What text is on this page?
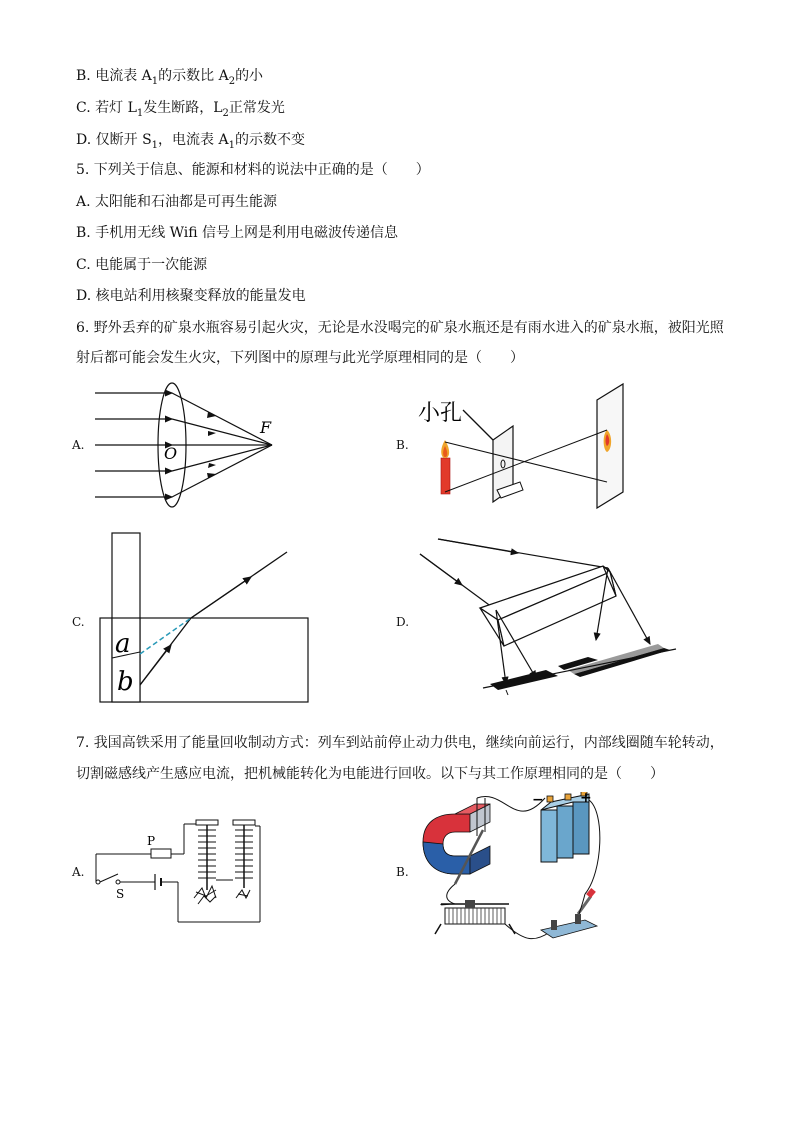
B. 电流表 $A_1$的示数比 $A_2$的小
C. 若灯 $L_1$发生断路，$L_2$正常发光
D. 仅断开 $S_1$，电流表 $A_1$的示数不变
5. 下列关于信息、能源和材料的说法中正确的是（　　）
A. 太阳能和石油都是可再生能源
B. 手机用无线 Wifi 信号上网是利用电磁波传递信息
C. 电能属于一次能源
D. 核电站利用核聚变释放的能量发电
6. 野外丢弃的矿泉水瓶容易引起火灾，无论是水没喝完的矿泉水瓶还是有雨水进入的矿泉水瓶，被阳光照
射后都可能会发生火灾，下列图中的原理与此光学原理相同的是（　　）
A.	B.
C.	D.
O
F
小孔
a
b
7. 我国高铁采用了能量回收制动方式：列车到站前停止动力供电，继续向前运行，内部线圈随车轮转动，
切割磁感线产生感应电流，把机械能转化为电能进行回收。以下与其工作原理相同的是（　　）
A.	B.
P
S
−	+
